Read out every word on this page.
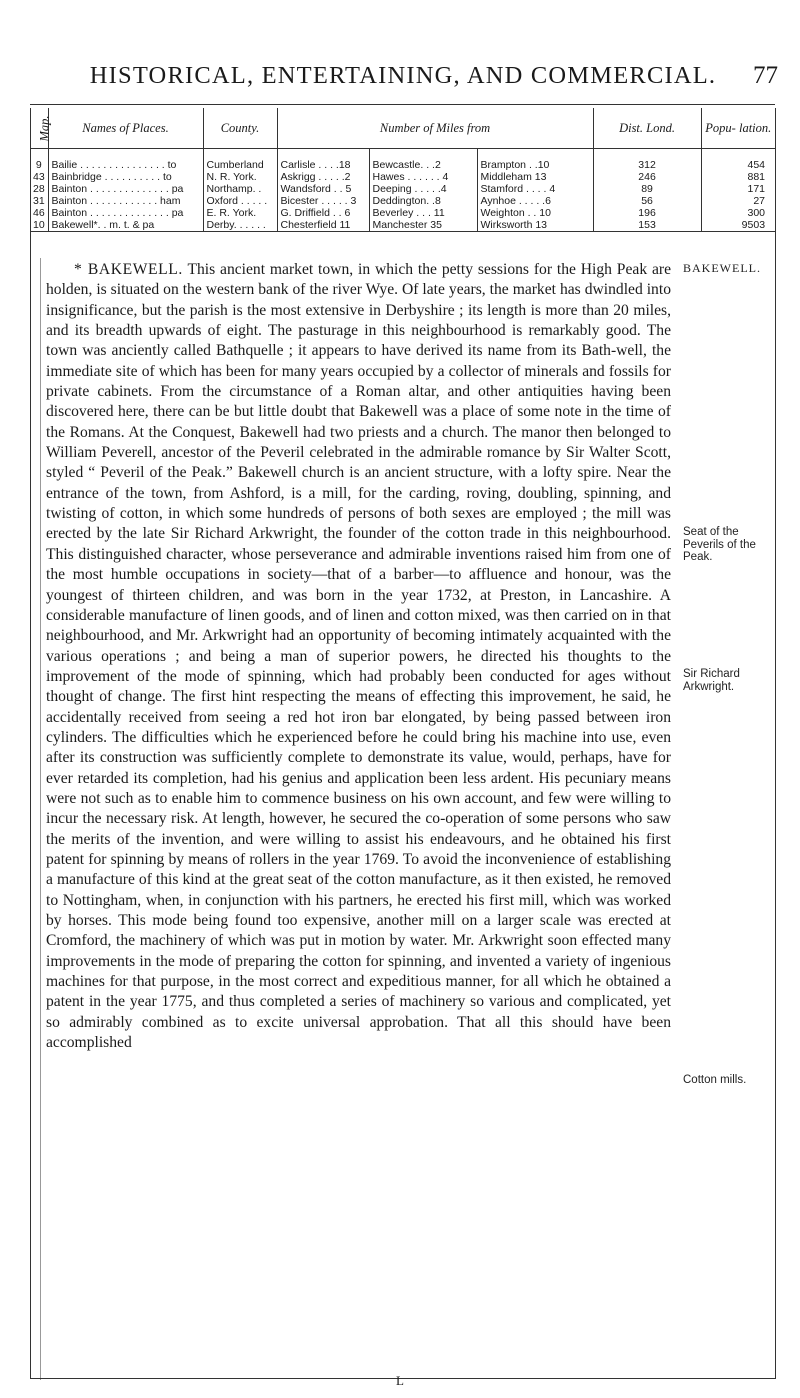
HISTORICAL, ENTERTAINING, AND COMMERCIAL.	77
Map.	Names of Places.	County.	Number of Miles from			Dist. Lond.	Popu- lation.
9	Bailie . . . . . . . . . . . . . . . to	Cumberland	Carlisle . . . .18	Bewcastle. . .2	Brampton . .10	312	454
43	Bainbridge . . . . . . . . . . to	N. R. York.	Askrigg . . . . .2	Hawes . . . . . . 4	Middleham 13	246	881
28	Bainton . . . . . . . . . . . . . . pa	Northamp. .	Wandsford . . 5	Deeping . . . . .4	Stamford . . . . 4	89	171
31	Bainton . . . . . . . . . . . . ham	Oxford . . . . .	Bicester . . . . . 3	Deddington. .8	Aynhoe . . . . .6	56	27
46	Bainton . . . . . . . . . . . . . . pa	E. R. York.	G. Driffield . . 6	Beverley . . . 11	Weighton . . 10	196	300
10	Bakewell*. . m. t. & pa	Derby. . . . . .	Chesterfield 11	Manchester 35	Wirksworth 13	153	9503

* BAKEWELL. This ancient market town, in which the petty sessions for the High Peak are holden, is situated on the western bank of the river Wye. Of late years, the market has dwindled into insignificance, but the parish is the most extensive in Derbyshire ; its length is more than 20 miles, and its breadth upwards of eight. The pasturage in this neighbourhood is remarkably good. The town was anciently called Bathquelle ; it appears to have derived its name from its Bath-well, the immediate site of which has been for many years occupied by a collector of minerals and fossils for private cabinets. From the circumstance of a Roman altar, and other antiquities having been discovered here, there can be but little doubt that Bakewell was a place of some note in the time of the Romans. At the Conquest, Bakewell had two priests and a church. The manor then belonged to William Peverell, ancestor of the Peveril celebrated in the admirable romance by Sir Walter Scott, styled “ Peveril of the Peak.” Bakewell church is an ancient structure, with a lofty spire. Near the entrance of the town, from Ashford, is a mill, for the carding, roving, doubling, spinning, and twisting of cotton, in which some hundreds of persons of both sexes are employed ; the mill was erected by the late Sir Richard Arkwright, the founder of the cotton trade in this neighbourhood. This distinguished character, whose perseverance and admirable inventions raised him from one of the most humble occupations in society—that of a barber—to affluence and honour, was the youngest of thirteen children, and was born in the year 1732, at Preston, in Lancashire. A considerable manufacture of linen goods, and of linen and cotton mixed, was then carried on in that neighbourhood, and Mr. Arkwright had an opportunity of becoming intimately acquainted with the various operations ; and being a man of superior powers, he directed his thoughts to the improvement of the mode of spinning, which had probably been conducted for ages without thought of change. The first hint respecting the means of effecting this improvement, he said, he accidentally received from seeing a red hot iron bar elongated, by being passed between iron cylinders. The difficulties which he experienced before he could bring his machine into use, even after its construction was sufficiently complete to demonstrate its value, would, perhaps, have for ever retarded its completion, had his genius and application been less ardent. His pecuniary means were not such as to enable him to commence business on his own account, and few were willing to incur the necessary risk. At length, however, he secured the co-operation of some persons who saw the merits of the invention, and were willing to assist his endeavours, and he obtained his first patent for spinning by means of rollers in the year 1769. To avoid the inconvenience of establishing a manufacture of this kind at the great seat of the cotton manufacture, as it then existed, he removed to Nottingham, when, in conjunction with his partners, he erected his first mill, which was worked by horses. This mode being found too expensive, another mill on a larger scale was erected at Cromford, the machinery of which was put in motion by water. Mr. Arkwright soon effected many improvements in the mode of preparing the cotton for spinning, and invented a variety of ingenious machines for that purpose, in the most correct and expeditious manner, for all which he obtained a patent in the year 1775, and thus completed a series of machinery so various and complicated, yet so admirably combined as to excite universal approbation. That all this should have been accomplished

BAKEWELL.
Seat of the Peverils of the Peak.
Sir Richard Arkwright.
Cotton mills.
L
